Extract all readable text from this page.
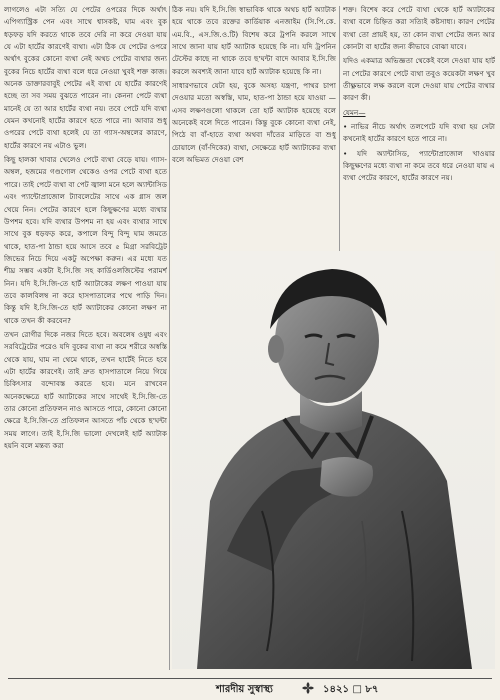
লাগলেও এটা সত্যি যে পেটের ওপরের দিকে অর্থাৎ এপিগ্যাস্ট্রিক পেন এবং সাথে শ্বাসকষ্ট, ঘাম এবং বুক ধড়ফড় যদি করতে থাকে তবে দেরি না করে দেওয়া যায় যে এটা হার্টের কারণেই ব্যথা। এটা ঠিক যে পেটের ওপরে অর্থাৎ বুকের কোনো ব্যথা নেই অথচ পেটের ব্যথার জন্য বুকের নিচে হার্টের ব্যথা বলে ধরে নেওয়া খুবই শক্ত কাজ। অনেক ডাক্তারবাবুই পেটের এই ব্যথা যে হার্টের কারণেই হচ্ছে তা সব সময় বুঝতে পারেন না। কেননা পেটে ব্যথা মানেই যে তা আর হার্টের ব্যথা নয়। তবে পেটে যদি ব্যথা যেমন কখনোই হার্টের কারণে হতে পারে না। আবার শুধু ওপরের পেটে ব্যথা হলেই যে তা গ্যাস-অম্বলের কারণে, হার্টের কারণে নয় এটাও ভুল।

কিছু হালকা খাবার খেলেও পেটে ব্যথা বেড়ে যায়। গ্যাস-অম্বল, হজমের গণ্ডগোল থেকেও ওপর পেটে ব্যথা হতে পারে। তাই পেটে ব্যথা বা পেট জ্বালা মনে হলে অ্যান্টাসিড এবং প্যান্টোপ্রাজোল ট্যাবলেটের সাথে এক গ্লাস জল খেয়ে নিন। পেটের কারণে হলে কিছুক্ষণের মধ্যে ব্যথার উপশম হবে। যদি ব্যথার উপশম না হয় এবং ব্যথার সাথে সাথে বুক ধড়ফড় করে, কপালে বিন্দু বিন্দু ঘাম জমতে থাকে, হাত-পা ঠান্ডা হয়ে আসে তবে ৫ মিগ্রা সরবিট্রেট জিভের নিচে দিয়ে একটু অপেক্ষা করুন। এর মধ্যে যত শীঘ্র সম্ভব একটা ই.সি.জি সহ কার্ডিওলজিস্টের পরামর্শ নিন। যদি ই.সি.জি-তে হার্ট অ্যাটাকের লক্ষণ পাওয়া যায় তবে কালবিলম্ব না করে হাসপাতালের পথে পাড়ি দিন। কিন্তু যদি ই.সি.জি-তে হার্ট অ্যাটাকের কোনো লক্ষণ না থাকে তখন কী করবেন?

তখন রোগীর দিকে নজর দিতে হবে। অবলেষ ওষুধ এবং সরবিট্রেটের পরেও যদি বুকের ব্যথা না কমে শরীরে অস্বস্তি থেকে যায়, ঘাম না থেমে থাকে, তখন হার্টেই নিতে হবে এটা হার্টের কারণেই। তাই দ্রুত হাসপাতালে নিয়ে গিয়ে চিকিৎসার বন্দোবস্ত করতে হবে। মনে রাখবেন অনেকক্ষেত্রে হার্ট অ্যাটাকের সাথে সাথেই ই.সি.জি-তে তার কোনো প্রতিফলন নাও আসতে পারে, কোনো কোনো ক্ষেত্রে ই.সি.জি-তে প্রতিফলন আসতে পাঁচ থেকে ছ'ঘন্টা সময় লাগে। তাই ই.সি.জি ভালো দেখলেই হার্ট অ্যাটাক হয়নি বলে মন্তব্য করা

ঠিক নয়। যদি ই.সি.জি স্বাভাবিক থাকে অথচ হার্ট অ্যাটাক হয়ে থাকে তবে রক্তের কার্ডিয়াক এনজাইম (সি.পি.কে. এম.বি., এস.জি.ও.টি) বিশেষ করে ট্রপনি করলে সাথে সাথে জানা যায় হার্ট অ্যাটাক হয়েছে কি না। যদি ট্রপনিন টেস্টের কাছে না থাকে তবে ছ'ঘন্টা বাদে আবার ই.সি.জি করলে অবশ্যই জানা যাবে হার্ট অ্যাটাক হয়েছে কি না।

সাধারণভাবে যেটা হয়, বুকে অসহ্য যন্ত্রণা, পাথর চাপা দেওয়ার মতো অস্বস্তি, ঘাম, হাত-পা ঠান্ডা হয়ে যাওয়া — এসব লক্ষণগুলো থাকলে তো হার্ট অ্যাটাক হয়েছে বলে অনেকেই বলে দিতে পারেন। কিন্তু বুকে কোনো ব্যথা নেই, পিঠে বা বাঁ-হাতে ব্যথা অথবা দাঁতের মাড়িতে বা শুধু চোয়ালে (বাঁ-দিকের) ব্যথা, সেক্ষেত্রে হার্ট অ্যাটাকের ব্যথা বলে অভিমত দেওয়া বেশ

শক্ত। বিশেষ করে পেটে ব্যথা থেকে হার্ট অ্যাটাকের ব্যথা বলে চিহ্নিত করা সত্যিই কষ্টসাধ্য। কারণ পেটের ব্যথা তো প্রায়ই হয়, তা কোন ব্যথা পেটের জন্য আর কোনটা বা হার্টের জন্য কীভাবে বোঝা যাবে।

যদিও একমাত্র অভিজ্ঞতা থেকেই বলে দেওয়া যায় হার্ট না পেটের কারণে পেটে ব্যথা তবুও কয়েকটা লক্ষণ খুব তীক্ষ্ণভাবে লক্ষ করলে বলে দেওয়া যায় পেটের ব্যথার কারণ কী।

যেমন—

• নাভির নীচে অর্থাৎ তলপেটে যদি ব্যথা হয় সেটা কখনোই হার্টের কারণে হতে পারে না।

• যদি অ্যান্টাসিড, প্যান্টোপ্রাজোল খাওয়ার কিছুক্ষণের মধ্যে ব্যথা না কমে তবে ধরে নেওয়া যায় এ ব্যথা পেটের কারণে, হার্টের কারণে নয়।

শারদীয় সুস্বাস্থ্য	১৪২১ □ ৮৭
